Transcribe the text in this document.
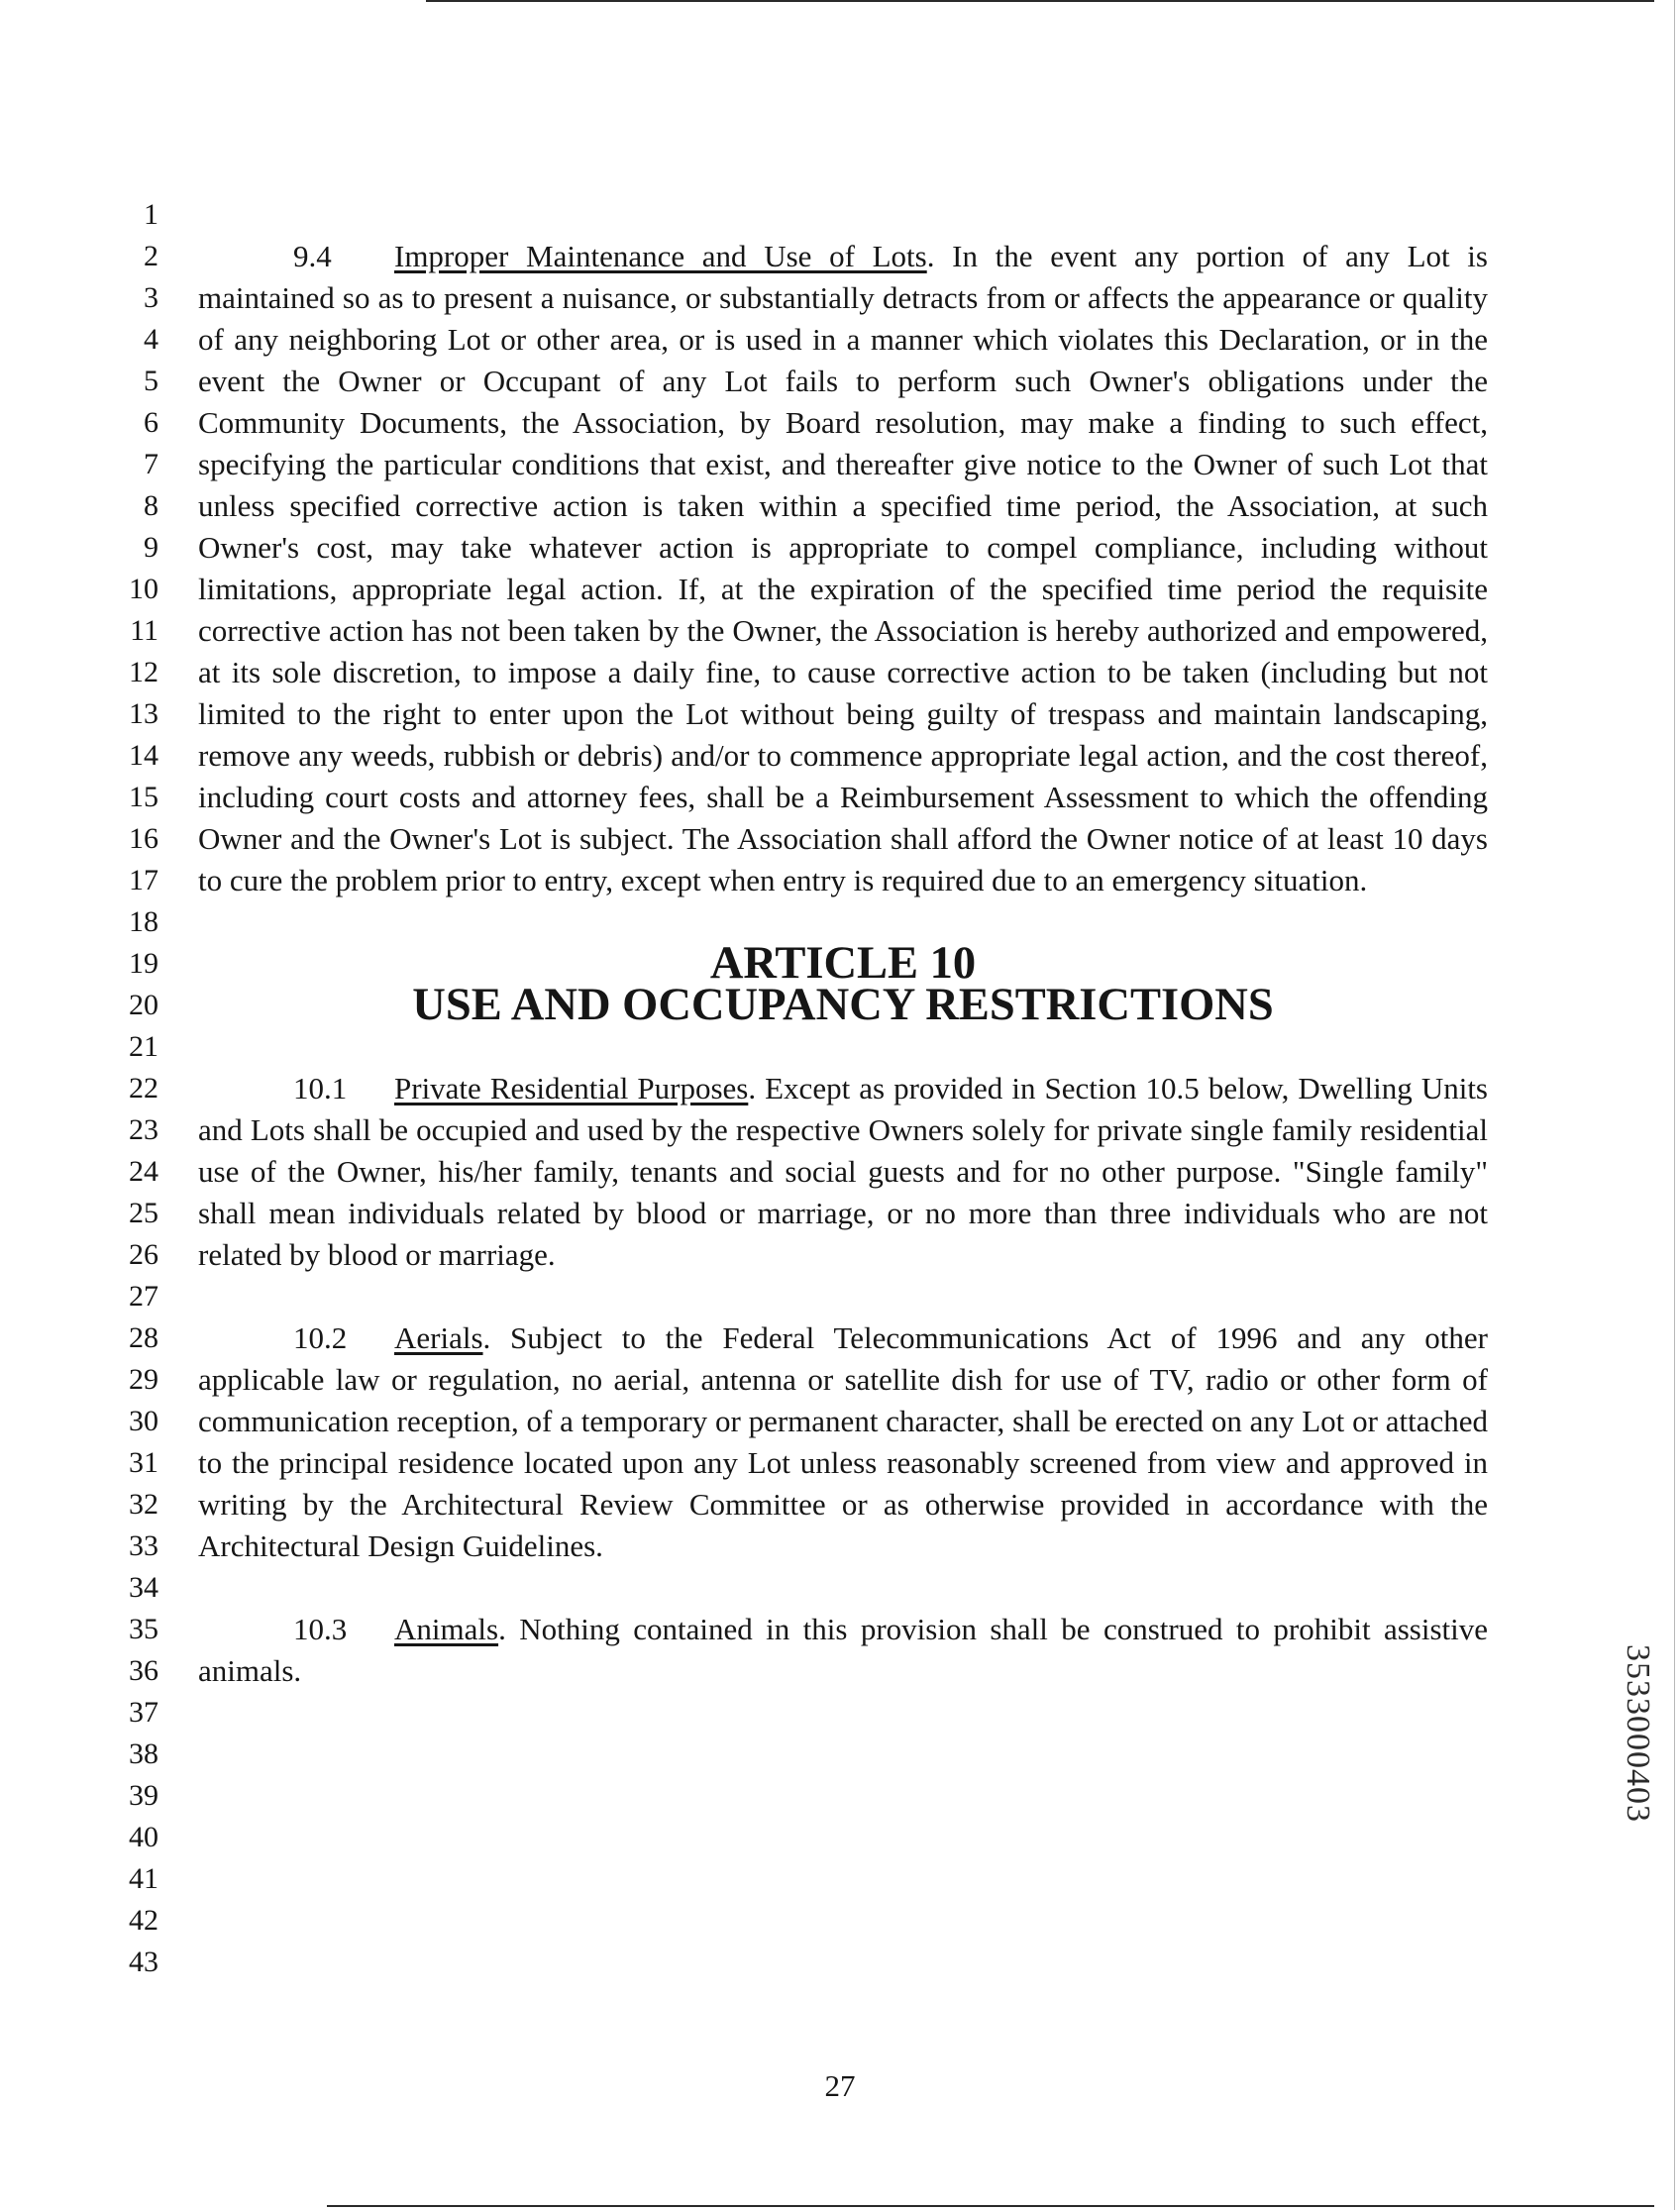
1
2
3
4
5
6
7
8
9
10
11
12
13
14
15
16
17
18
19
20
21
22
23
24
25
26
27
28
29
30
31
32
33
34
35
36
37
38
39
40
41
42
43

9.4 Improper Maintenance and Use of Lots. In the event any portion of any Lot is maintained so as to present a nuisance, or substantially detracts from or affects the appearance or quality of any neighboring Lot or other area, or is used in a manner which violates this Declaration, or in the event the Owner or Occupant of any Lot fails to perform such Owner's obligations under the Community Documents, the Association, by Board resolution, may make a finding to such effect, specifying the particular conditions that exist, and thereafter give notice to the Owner of such Lot that unless specified corrective action is taken within a specified time period, the Association, at such Owner's cost, may take whatever action is appropriate to compel compliance, including without limitations, appropriate legal action. If, at the expiration of the specified time period the requisite corrective action has not been taken by the Owner, the Association is hereby authorized and empowered, at its sole discretion, to impose a daily fine, to cause corrective action to be taken (including but not limited to the right to enter upon the Lot without being guilty of trespass and maintain landscaping, remove any weeds, rubbish or debris) and/or to commence appropriate legal action, and the cost thereof, including court costs and attorney fees, shall be a Reimbursement Assessment to which the offending Owner and the Owner's Lot is subject. The Association shall afford the Owner notice of at least 10 days to cure the problem prior to entry, except when entry is required due to an emergency situation.

ARTICLE 10
USE AND OCCUPANCY RESTRICTIONS

10.1 Private Residential Purposes. Except as provided in Section 10.5 below, Dwelling Units and Lots shall be occupied and used by the respective Owners solely for private single family residential use of the Owner, his/her family, tenants and social guests and for no other purpose. "Single family" shall mean individuals related by blood or marriage, or no more than three individuals who are not related by blood or marriage.

10.2 Aerials. Subject to the Federal Telecommunications Act of 1996 and any other applicable law or regulation, no aerial, antenna or satellite dish for use of TV, radio or other form of communication reception, of a temporary or permanent character, shall be erected on any Lot or attached to the principal residence located upon any Lot unless reasonably screened from view and approved in writing by the Architectural Review Committee or as otherwise provided in accordance with the Architectural Design Guidelines.

10.3 Animals. Nothing contained in this provision shall be construed to prohibit assistive animals.

27
3533000403
